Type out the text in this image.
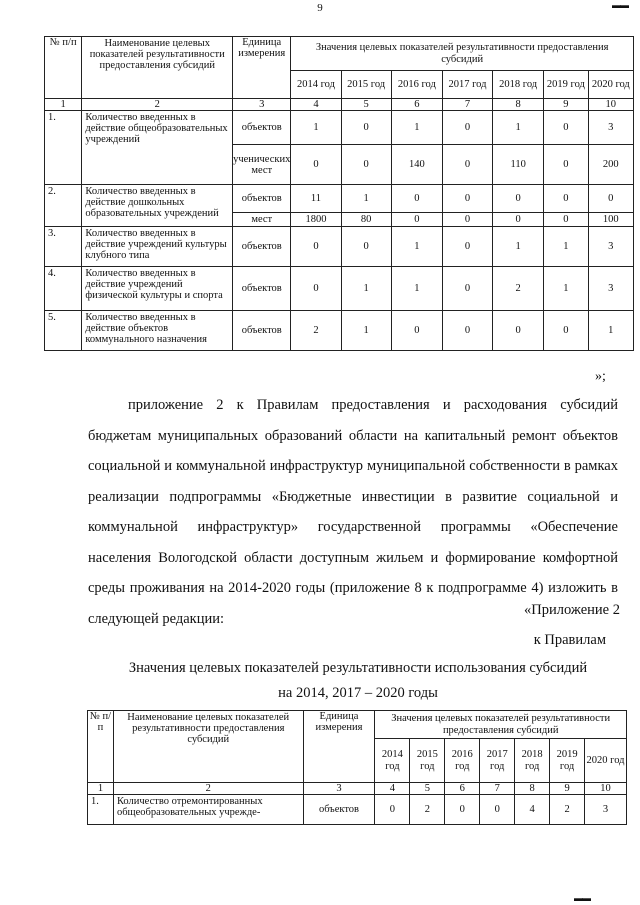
9	▬▬
№ п/п	Наименование целевых показателей результативности предоставления субсидий	Единица измерения	Значения целевых показателей результативности предоставления субсидий						
			2014 год	2015 год	2016 год	2017 год	2018 год	2019 год	2020 год
1	2	3	4	5	6	7	8	9	10
1.	Количество введенных в действие общеобразовательных учреждений	объектов	1	0	1	0	1	0	3
		ученических мест	0	0	140	0	110	0	200
2.	Количество введенных в действие дошкольных образовательных учреждений	объектов	11	1	0	0	0	0	0
		мест	1800	80	0	0	0	0	100
3.	Количество введенных в действие учреждений культуры клубного типа	объектов	0	0	1	0	1	1	3
4.	Количество введенных в действие учреждений физической культуры и спорта	объектов	0	1	1	0	2	1	3
5.	Количество введенных в действие объектов коммунального назначения	объектов	2	1	0	0	0	0	1
»;

приложение 2 к Правилам предоставления и расходования субсидий бюджетам муниципальных образований области на капитальный ремонт объектов социальной и коммунальной инфраструктур муниципальной собственности в рамках реализации подпрограммы «Бюджетные инвестиции в развитие социальной и коммунальной инфраструктур» государственной программы «Обеспечение населения Вологодской области доступным жильем и формирование комфортной среды проживания на 2014-2020 годы (приложение 8 к подпрограмме 4) изложить в следующей редакции:

«Приложение 2
к Правилам
Значения целевых показателей результативности использования субсидий
на 2014, 2017 – 2020 годы
№ п/п	Наименование целевых показателей результативности предоставления субсидий	Единица измерения	Значения целевых показателей результативности предоставления субсидий						
			2014 год	2015 год	2016 год	2017 год	2018 год	2019 год	2020 год
1	2	3	4	5	6	7	8	9	10
1.	Количество отремонтированных общеобразовательных учрежде-	объектов	0	2	0	0	4	2	3
▬▬
